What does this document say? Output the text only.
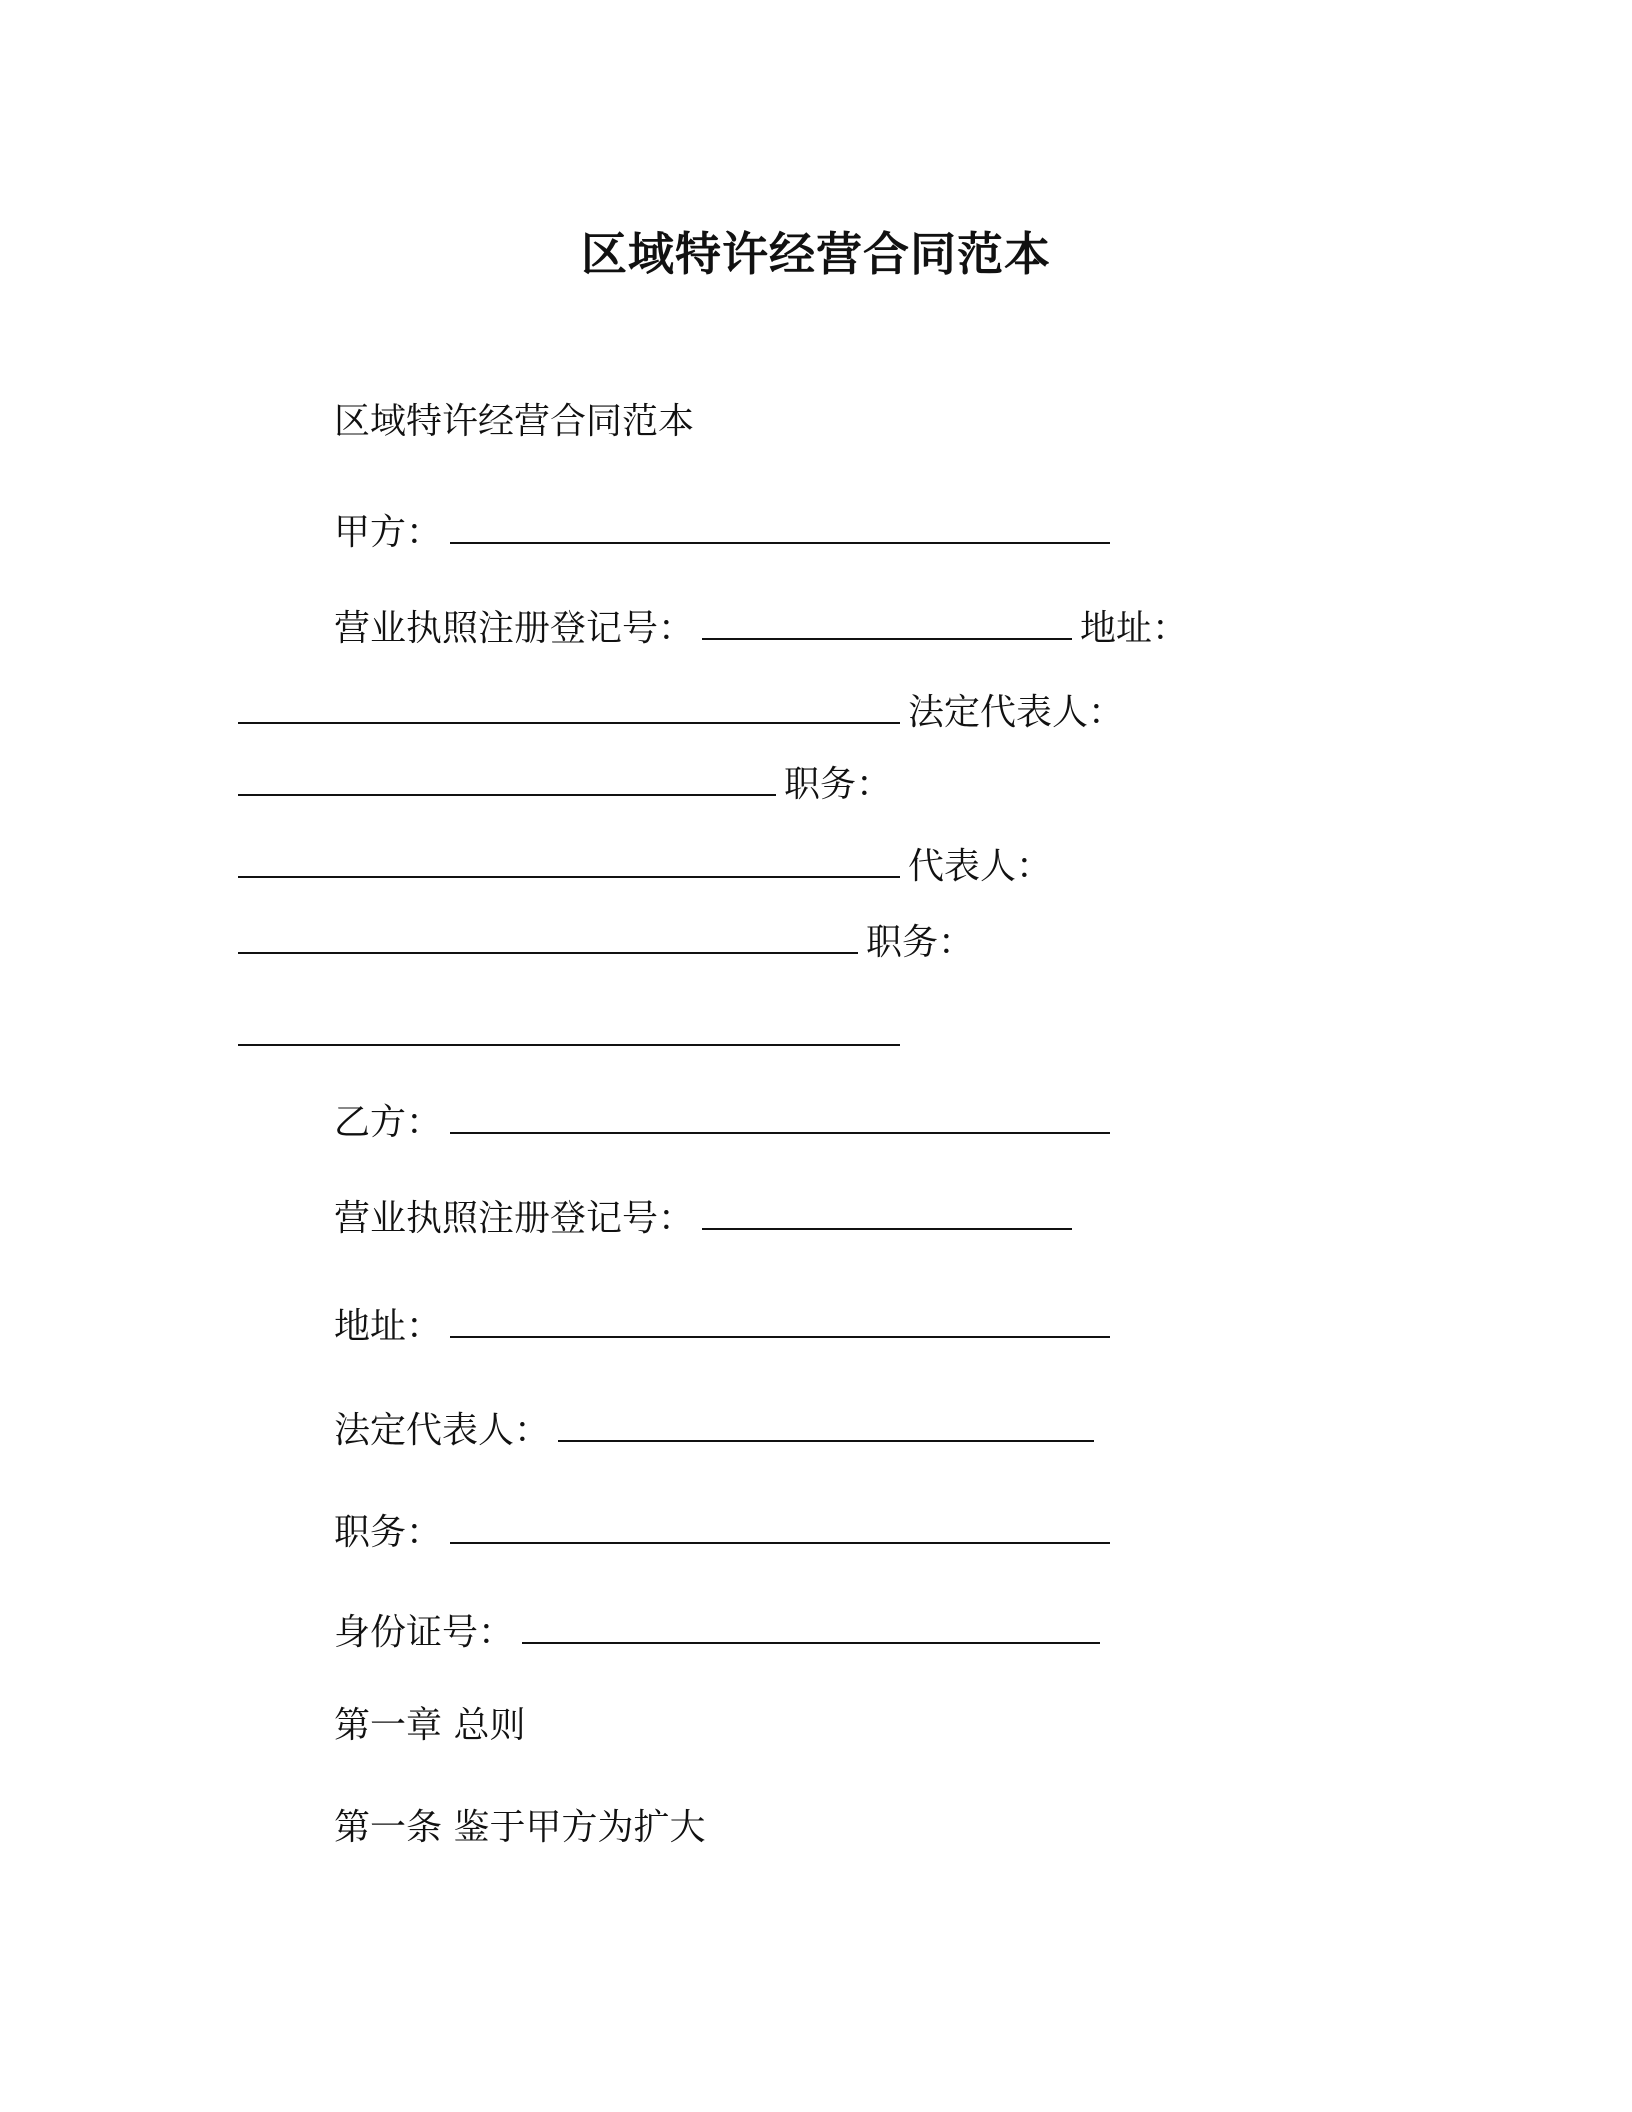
区域特许经营合同范本
区域特许经营合同范本
甲方：
营业执照注册登记号：	地址：
法定代表人：
职务：
代表人：
职务：
乙方：
营业执照注册登记号：
地址：
法定代表人：
职务：
身份证号：
第一章 总则
第一条 鉴于甲方为扩大
